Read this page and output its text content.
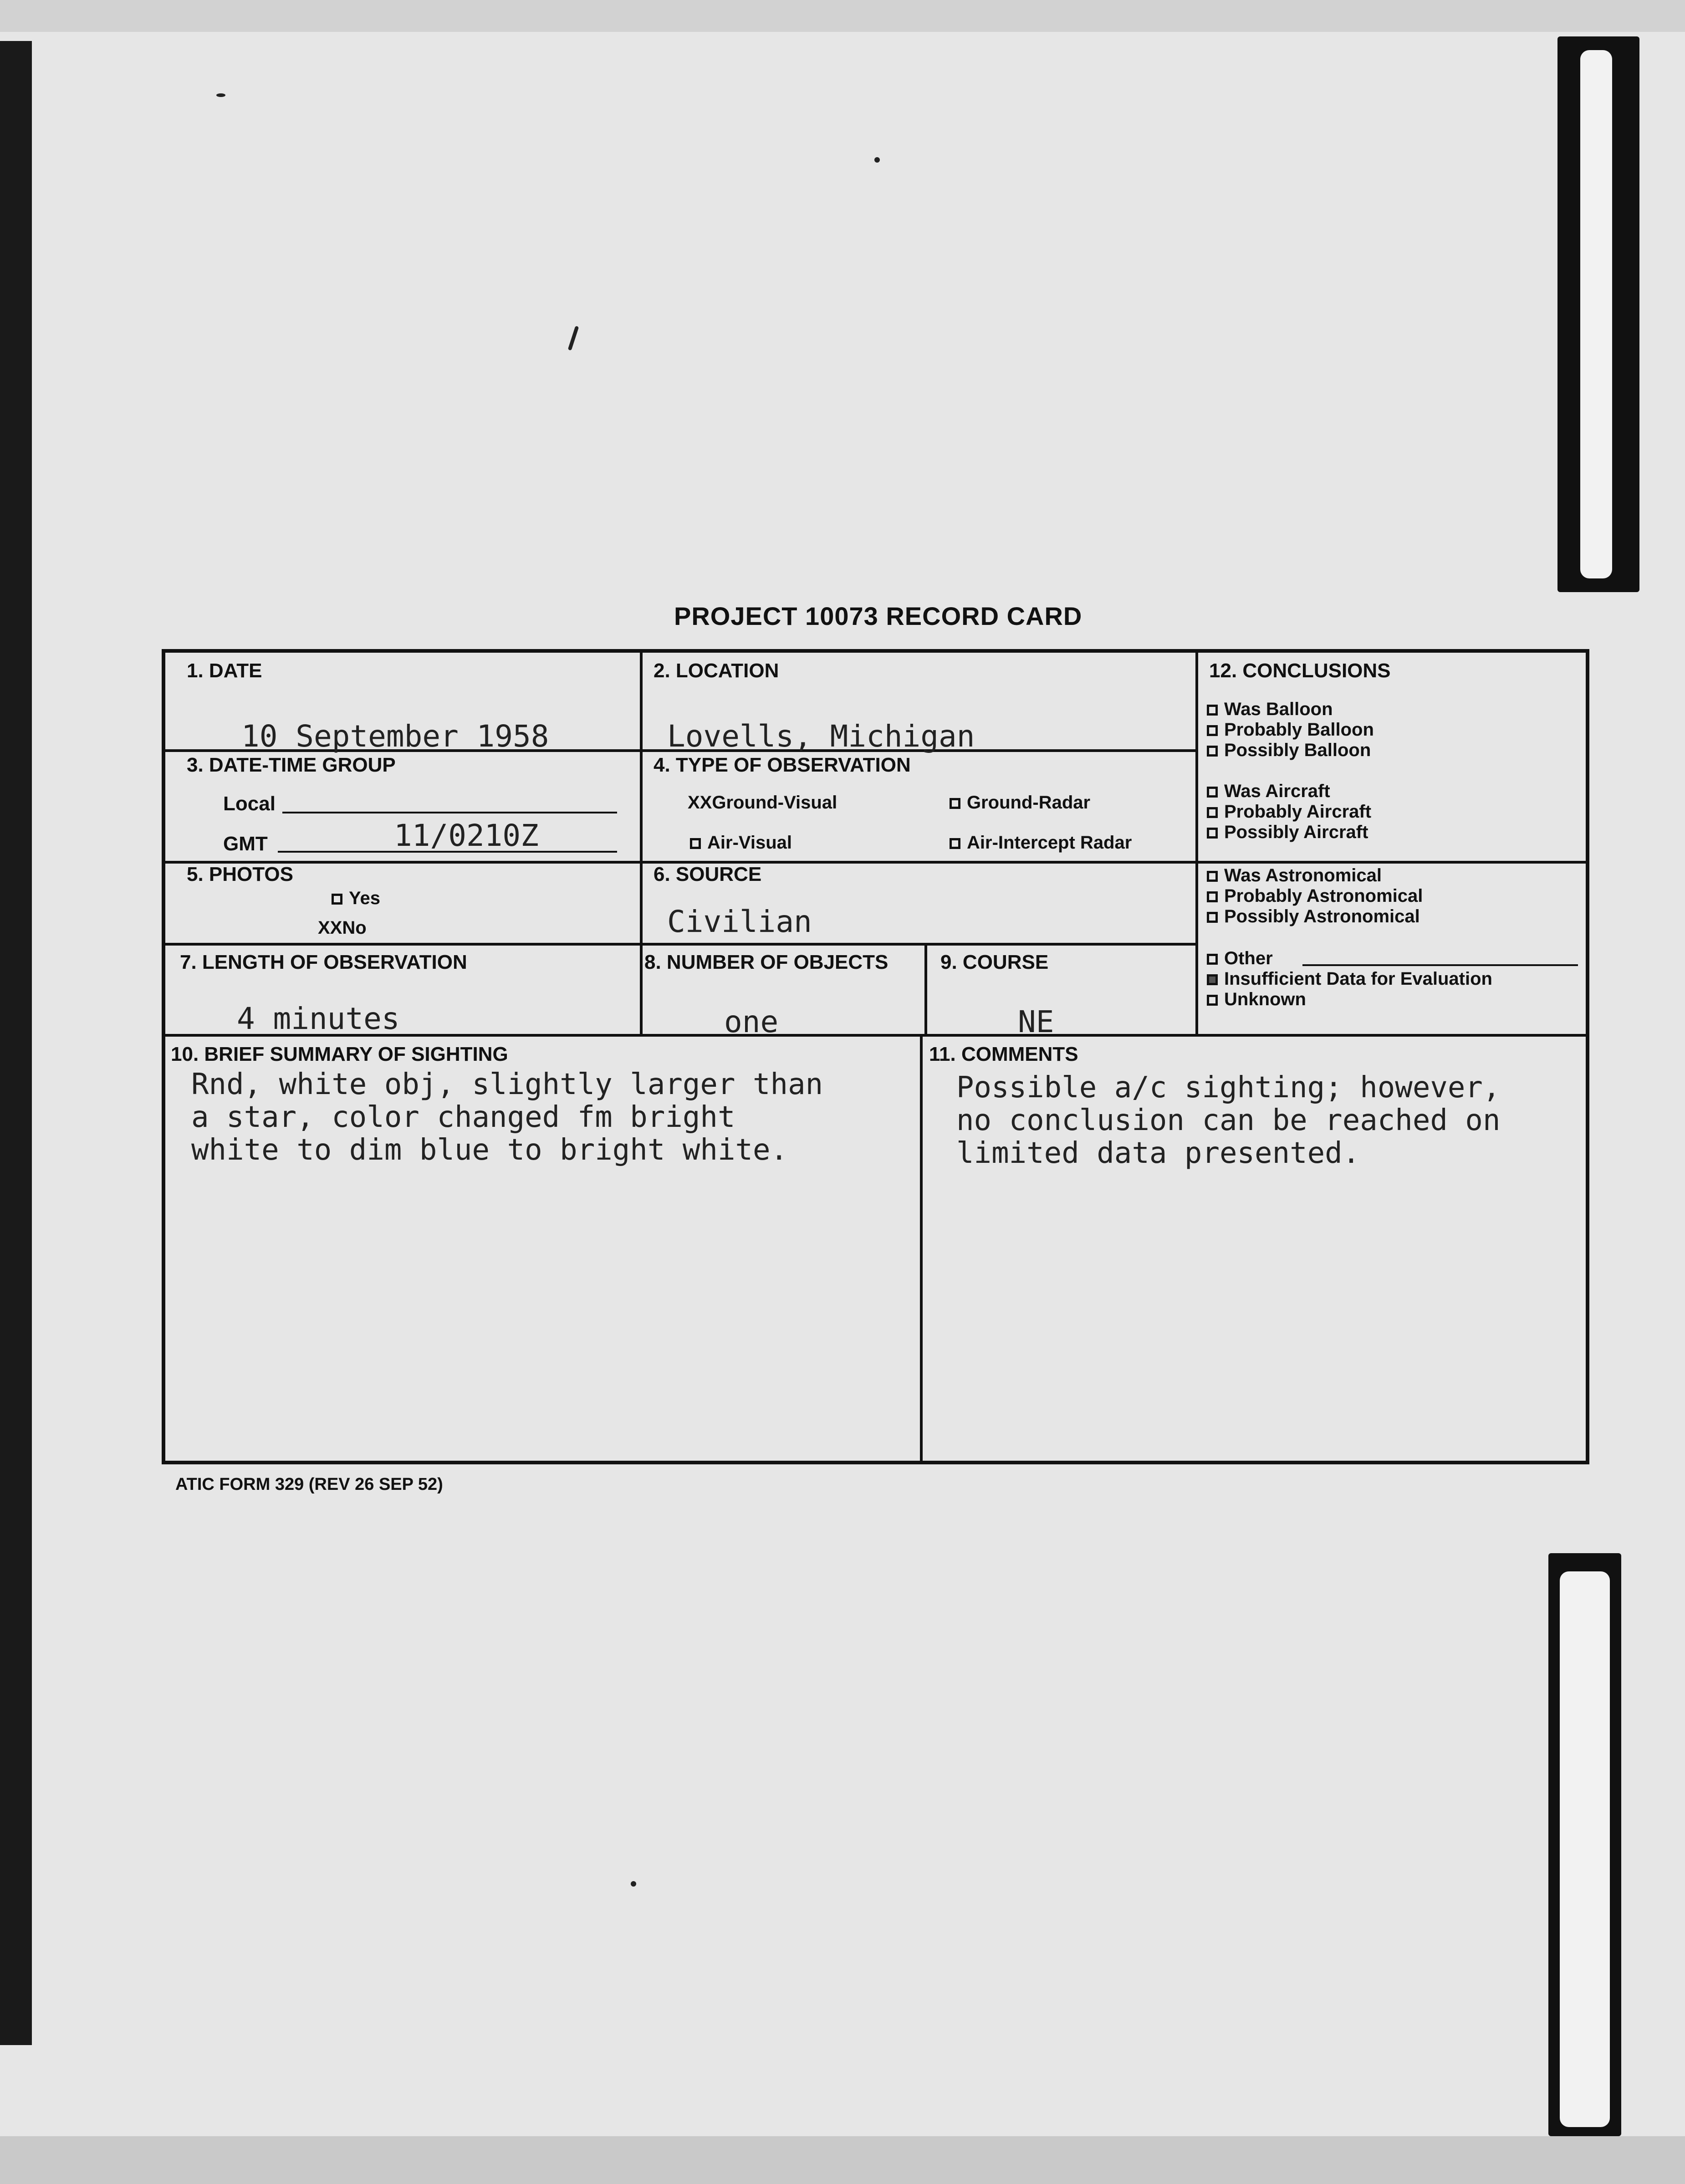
PROJECT 10073 RECORD CARD
1. DATE
10 September 1958
2. LOCATION
Lovells, Michigan
3. DATE-TIME GROUP
Local
GMT	11/0210Z
4. TYPE OF OBSERVATION
XXGround-Visual	Ground-Radar
Air-Visual	Air-Intercept Radar
5. PHOTOS
Yes
XXNo
6. SOURCE
Civilian
7. LENGTH OF OBSERVATION
4 minutes
8. NUMBER OF OBJECTS
one
9. COURSE
NE
10. BRIEF SUMMARY OF SIGHTING
Rnd, white obj, slightly larger than
a star, color changed fm bright
white to dim blue to bright white.
11. COMMENTS
Possible a/c sighting; however,
no conclusion can be reached on
limited data presented.
12. CONCLUSIONS
Was Balloon
Probably Balloon
Possibly Balloon
Was Aircraft
Probably Aircraft
Possibly Aircraft
Was Astronomical
Probably Astronomical
Possibly Astronomical
Other
Insufficient Data for Evaluation
Unknown
ATIC FORM 329 (REV 26 SEP 52)
